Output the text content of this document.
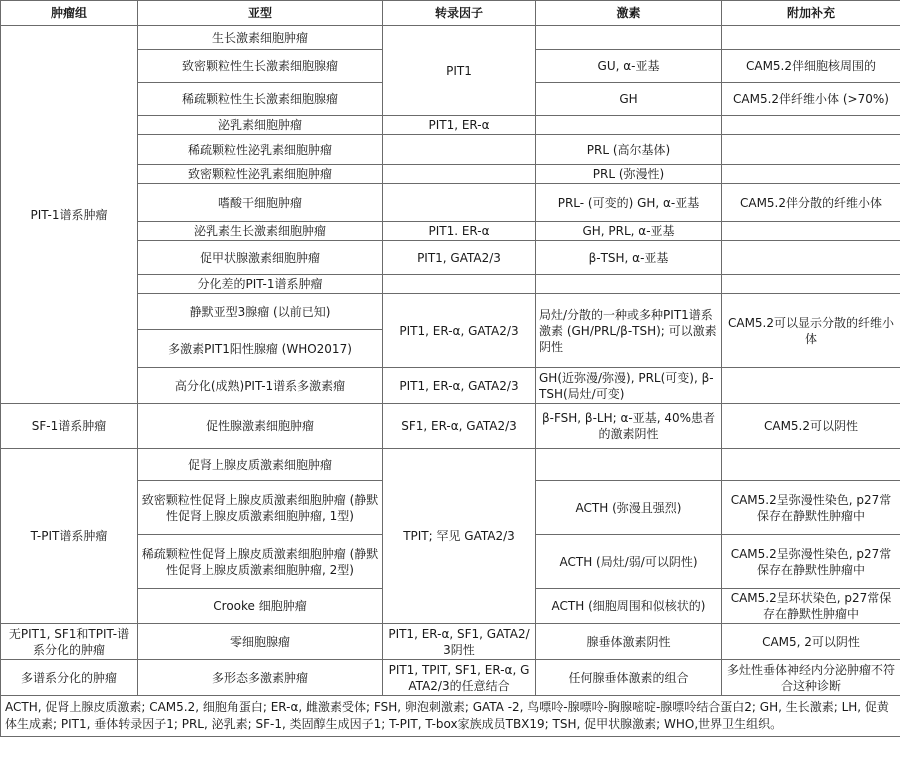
肿瘤组	亚型	转录因子	激素	附加补充
PIT-1谱系肿瘤	生长激素细胞肿瘤	PIT1		
	致密颗粒性生长激素细胞腺瘤		GU, α-亚基	CAM5.2伴细胞核周围的
	稀疏颗粒性生长激素细胞腺瘤		GH	CAM5.2伴纤维小体 (>70%)
	泌乳素细胞肿瘤	PIT1, ER-α		
	稀疏颗粒性泌乳素细胞肿瘤		PRL (高尔基体)	
	致密颗粒性泌乳素细胞肿瘤		PRL (弥漫性)	
	嗜酸干细胞肿瘤		PRL- (可变的) GH, α-亚基	CAM5.2伴分散的纤维小体
	泌乳素生长激素细胞肿瘤	PIT1. ER-α	GH, PRL, α-亚基	
	促甲状腺激素细胞肿瘤	PIT1, GATA2/3	β-TSH, α-亚基	
	分化差的PIT-1谱系肿瘤			
	静默亚型3腺瘤 (以前已知)	PIT1, ER-α, GATA2/3	局灶/分散的一种或多种PIT1谱系激素 (GH/PRL/β-TSH); 可以激素阴性	CAM5.2可以显示分散的纤维小体
	多激素PIT1阳性腺瘤 (WHO2017)			
	高分化(成熟)PIT-1谱系多激素瘤	PIT1, ER-α, GATA2/3	GH(近弥漫/弥漫), PRL(可变), β-TSH(局灶/可变)	
SF-1谱系肿瘤	促性腺激素细胞肿瘤	SF1, ER-α, GATA2/3	β-FSH, β-LH; α-亚基, 40%患者的激素阴性	CAM5.2可以阴性
T-PIT谱系肿瘤	促肾上腺皮质激素细胞肿瘤	TPIT; 罕见 GATA2/3		
	致密颗粒性促肾上腺皮质激素细胞肿瘤 (静默性促肾上腺皮质激素细胞肿瘤, 1型)		ACTH (弥漫且强烈)	CAM5.2呈弥漫性染色, p27常保存在静默性肿瘤中
	稀疏颗粒性促肾上腺皮质激素细胞肿瘤 (静默性促肾上腺皮质激素细胞肿瘤, 2型)		ACTH (局灶/弱/可以阴性)	CAM5.2呈弥漫性染色, p27常保存在静默性肿瘤中
	Crooke 细胞肿瘤		ACTH (细胞周围和似核状的)	CAM5.2呈环状染色, p27常保存在静默性肿瘤中
无PIT1, SF1和TPIT-谱系分化的肿瘤	零细胞腺瘤	PIT1, ER-α, SF1, GATA2/3阴性	腺垂体激素阴性	CAM5, 2可以阴性
多谱系分化的肿瘤	多形态多激素肿瘤	PIT1, TPIT, SF1, ER-α, GATA2/3的任意结合	任何腺垂体激素的组合	多灶性垂体神经内分泌肿瘤不符合这种诊断
ACTH, 促肾上腺皮质激素; CAM5.2, 细胞角蛋白; ER-α, 雌激素受体; FSH, 卵泡刺激素; GATA -2, 鸟嘌呤-腺嘌呤-胸腺嘧啶-腺嘌呤结合蛋白2; GH, 生长激素; LH, 促黄体生成素; PIT1, 垂体转录因子1; PRL, 泌乳素; SF-1, 类固醇生成因子1; T-PIT, T-box家族成员TBX19; TSH, 促甲状腺激素; WHO,世界卫生组织。				
